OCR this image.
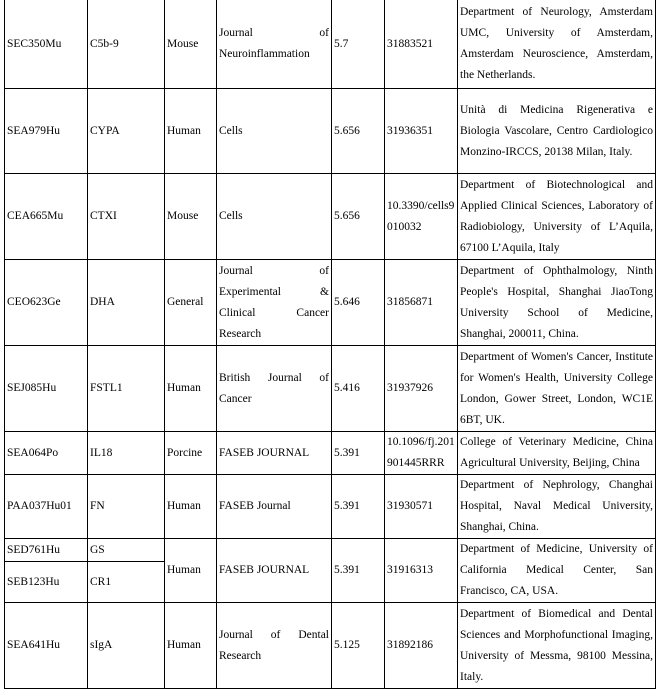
SEC350Mu	C5b-9	Mouse	Journal of Neuroinflammation	5.7	31883521	Department of Neurology, Amsterdam UMC, University of Amsterdam, Amsterdam Neuroscience, Amsterdam, the Netherlands.
SEA979Hu	CYPA	Human	Cells	5.656	31936351	Unità di Medicina Rigenerativa e Biologia Vascolare, Centro Cardiologico Monzino-IRCCS, 20138 Milan, Italy.
CEA665Mu	CTXI	Mouse	Cells	5.656	10.3390/cells9010032	Department of Biotechnological and Applied Clinical Sciences, Laboratory of Radiobiology, University of L’Aquila, 67100 L’Aquila, Italy
CEO623Ge	DHA	General	Journal of Experimental & Clinical Cancer Research	5.646	31856871	Department of Ophthalmology, Ninth People's Hospital, Shanghai JiaoTong University School of Medicine, Shanghai, 200011, China.
SEJ085Hu	FSTL1	Human	British Journal of Cancer	5.416	31937926	Department of Women's Cancer, Institute for Women's Health, University College London, Gower Street, London, WC1E 6BT, UK.
SEA064Po	IL18	Porcine	FASEB JOURNAL	5.391	10.1096/fj.201901445RRR	College of Veterinary Medicine, China Agricultural University, Beijing, China
PAA037Hu01	FN	Human	FASEB Journal	5.391	31930571	Department of Nephrology, Changhai Hospital, Naval Medical University, Shanghai, China.
SED761Hu	GS	Human	FASEB JOURNAL	5.391	31916313	Department of Medicine, University of California Medical Center, San Francisco, CA, USA.
SEB123Hu	CR1					
SEA641Hu	sIgA	Human	Journal of Dental Research	5.125	31892186	Department of Biomedical and Dental Sciences and Morphofunctional Imaging, University of Messma, 98100 Messina, Italy.
